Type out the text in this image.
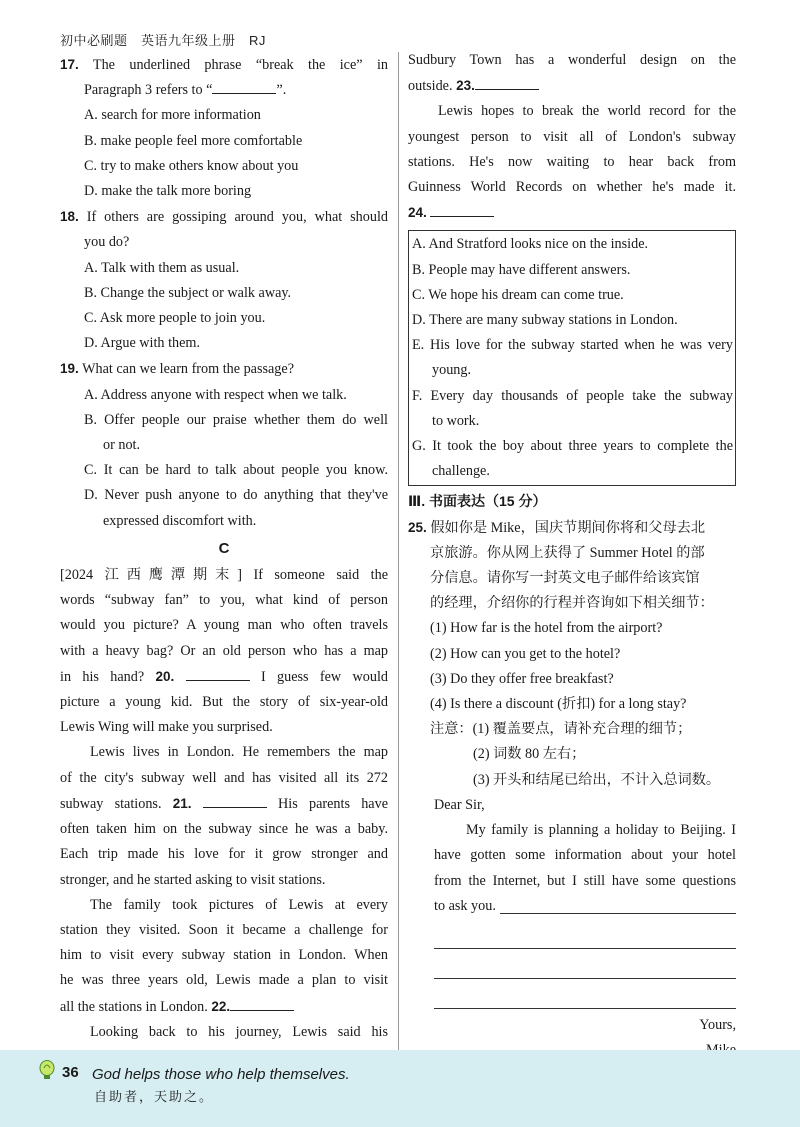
初中必刷题　英语九年级上册　RJ
17. The underlined phrase “break the ice” in
Paragraph 3 refers to “	”.
A. search for more information
B. make people feel more comfortable
C. try to make others know about you
D. make the talk more boring
18. If others are gossiping around you, what should
you do?
A. Talk with them as usual.
B. Change the subject or walk away.
C. Ask more people to join you.
D. Argue with them.
19. What can we learn from the passage?
A. Address anyone with respect when we talk.
B. Offer people our praise whether them do well
or not.
C. It can be hard to talk about people you know.
D. Never push anyone to do anything that they've
expressed discomfort with.
C
[2024 江西鹰潭期末] If someone said the
words “subway fan” to you, what kind of person
would you picture? A young man who often travels
with a heavy bag? Or an old person who has a map
in his hand? 20.	I guess few would
picture a young kid. But the story of six-year-old
Lewis Wing will make you surprised.
Lewis lives in London. He remembers the map
of the city's subway well and has visited all its 272
subway stations. 21.	His parents have
often taken him on the subway since he was a baby.
Each trip made his love for it grow stronger and
stronger, and he started asking to visit stations.
The family took pictures of Lewis at every
station they visited. Soon it became a challenge for
him to visit every subway station in London. When
he was three years old, Lewis made a plan to visit
all the stations in London. 22.
Looking back to his journey, Lewis said his
Sudbury Town has a wonderful design on the
outside. 23.
Lewis hopes to break the world record for the
youngest person to visit all of London's subway
stations. He's now waiting to hear back from
Guinness World Records on whether he's made it.
24.
A. And Stratford looks nice on the inside.
B. People may have different answers.
C. We hope his dream can come true.
D. There are many subway stations in London.
E. His love for the subway started when he was very
young.
F. Every day thousands of people take the subway
to work.
G. It took the boy about three years to complete the
challenge.
Ⅲ. 书面表达（15 分）
25. 假如你是 Mike，国庆节期间你将和父母去北
京旅游。你从网上获得了 Summer Hotel 的部
分信息。请你写一封英文电子邮件给该宾馆
的经理，介绍你的行程并咨询如下相关细节：
(1) How far is the hotel from the airport?
(2) How can you get to the hotel?
(3) Do they offer free breakfast?
(4) Is there a discount (折扣) for a long stay?
注意：(1) 覆盖要点，请补充合理的细节；
(2) 词数 80 左右；
(3) 开头和结尾已给出，不计入总词数。
Dear Sir,
My family is planning a holiday to Beijing. I
have gotten some information about your hotel
from the Internet, but I still have some questions
to ask you.
Yours,
36 God helps those who help themselves.
自助者，天助之。
